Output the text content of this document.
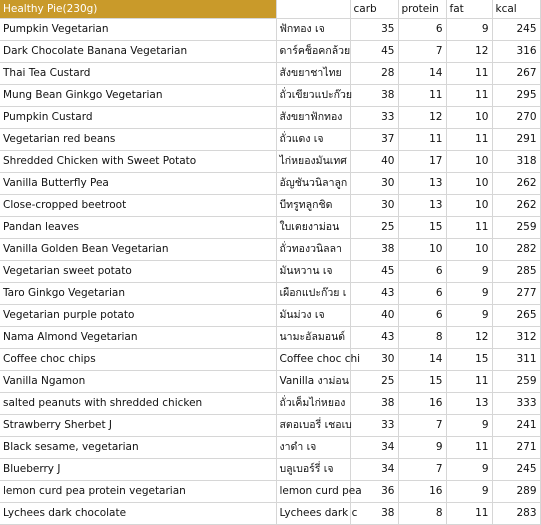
Healthy Pie(230g)		carb	protein	fat	kcal
Pumpkin Vegetarian	ฟักทอง เจ	35	6	9	245
Dark Chocolate Banana Vegetarian	ดาร์คช็อคกล้วย	45	7	12	316
Thai Tea Custard	สังขยาชาไทย	28	14	11	267
Mung Bean Ginkgo Vegetarian	ถั่วเขียวแปะก๊วย	38	11	11	295
Pumpkin Custard	สังขยาฟักทอง	33	12	10	270
Vegetarian red beans	ถั่วแดง เจ	37	11	11	291
Shredded Chicken with Sweet Potato	ไก่หยองมันเทศ	40	17	10	318
Vanilla Butterfly Pea	อัญชันวนิลาลูก	30	13	10	262
Close-cropped beetroot	บีทรูทลูกชิด	30	13	10	262
Pandan leaves	ใบเตยงาม่อน	25	15	11	259
Vanilla Golden Bean Vegetarian	ถั่วทองวนิลลา	38	10	10	282
Vegetarian sweet potato	มันหวาน เจ	45	6	9	285
Taro Ginkgo Vegetarian	เผือกแปะก๊วย เ	43	6	9	277
Vegetarian purple potato	มันม่วง เจ	40	6	9	265
Nama Almond Vegetarian	นามะอัลมอนด์	43	8	12	312
Coffee choc chips	Coffee choc chi	30	14	15	311
Vanilla Ngamon	Vanilla งาม่อน	25	15	11	259
salted peanuts with shredded chicken	ถั่วเค็มไก่หยอง	38	16	13	333
Strawberry Sherbet J	สตอเบอรี่ เชอเบ	33	7	9	241
Black sesame, vegetarian	งาดำ เจ	34	9	11	271
Blueberry J	บลูเบอร์รี่ เจ	34	7	9	245
lemon curd pea protein vegetarian	lemon curd pea	36	16	9	289
Lychees dark chocolate	Lychees dark c	38	8	11	283
